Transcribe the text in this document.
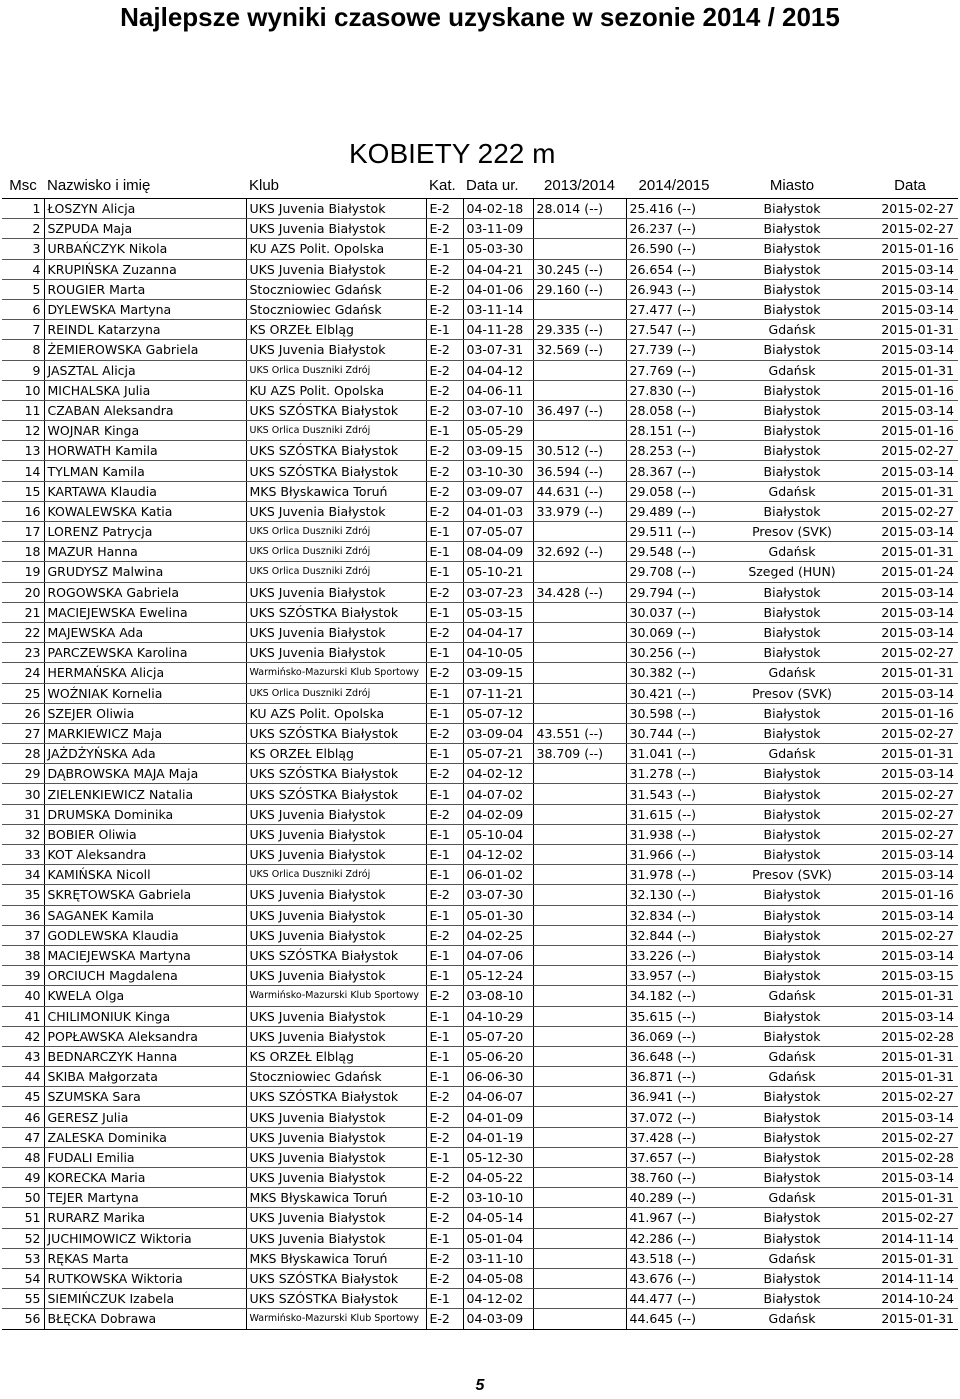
Najlepsze wyniki czasowe uzyskane w sezonie 2014 / 2015
KOBIETY 222 m
Msc	Nazwisko i imię	Klub	Kat.	Data ur.	2013/2014	2014/2015	Miasto	Data
1	ŁOSZYN Alicja	UKS Juvenia Białystok	E-2	04-02-18	28.014 (--)	25.416 (--)	Białystok	2015-02-27
2	SZPUDA Maja	UKS Juvenia Białystok	E-2	03-11-09		26.237 (--)	Białystok	2015-02-27
3	URBAŃCZYK Nikola	KU AZS Polit. Opolska	E-1	05-03-30		26.590 (--)	Białystok	2015-01-16
4	KRUPIŃSKA Zuzanna	UKS Juvenia Białystok	E-2	04-04-21	30.245 (--)	26.654 (--)	Białystok	2015-03-14
5	ROUGIER Marta	Stoczniowiec Gdańsk	E-2	04-01-06	29.160 (--)	26.943 (--)	Białystok	2015-03-14
6	DYLEWSKA Martyna	Stoczniowiec Gdańsk	E-2	03-11-14		27.477 (--)	Białystok	2015-03-14
7	REINDL Katarzyna	KS ORZEŁ Elbląg	E-1	04-11-28	29.335 (--)	27.547 (--)	Gdańsk	2015-01-31
8	ŻEMIEROWSKA Gabriela	UKS Juvenia Białystok	E-2	03-07-31	32.569 (--)	27.739 (--)	Białystok	2015-03-14
9	JASZTAL Alicja	UKS Orlica Duszniki Zdrój	E-2	04-04-12		27.769 (--)	Gdańsk	2015-01-31
10	MICHALSKA Julia	KU AZS Polit. Opolska	E-2	04-06-11		27.830 (--)	Białystok	2015-01-16
11	CZABAN Aleksandra	UKS SZÓSTKA Białystok	E-2	03-07-10	36.497 (--)	28.058 (--)	Białystok	2015-03-14
12	WOJNAR Kinga	UKS Orlica Duszniki Zdrój	E-1	05-05-29		28.151 (--)	Białystok	2015-01-16
13	HORWATH Kamila	UKS SZÓSTKA Białystok	E-2	03-09-15	30.512 (--)	28.253 (--)	Białystok	2015-02-27
14	TYLMAN Kamila	UKS SZÓSTKA Białystok	E-2	03-10-30	36.594 (--)	28.367 (--)	Białystok	2015-03-14
15	KARTAWA Klaudia	MKS Błyskawica Toruń	E-2	03-09-07	44.631 (--)	29.058 (--)	Gdańsk	2015-01-31
16	KOWALEWSKA Katia	UKS Juvenia Białystok	E-2	04-01-03	33.979 (--)	29.489 (--)	Białystok	2015-02-27
17	LORENZ Patrycja	UKS Orlica Duszniki Zdrój	E-1	07-05-07		29.511 (--)	Presov (SVK)	2015-03-14
18	MAZUR Hanna	UKS Orlica Duszniki Zdrój	E-1	08-04-09	32.692 (--)	29.548 (--)	Gdańsk	2015-01-31
19	GRUDYSZ Malwina	UKS Orlica Duszniki Zdrój	E-1	05-10-21		29.708 (--)	Szeged (HUN)	2015-01-24
20	ROGOWSKA Gabriela	UKS Juvenia Białystok	E-2	03-07-23	34.428 (--)	29.794 (--)	Białystok	2015-03-14
21	MACIEJEWSKA Ewelina	UKS SZÓSTKA Białystok	E-1	05-03-15		30.037 (--)	Białystok	2015-03-14
22	MAJEWSKA Ada	UKS Juvenia Białystok	E-2	04-04-17		30.069 (--)	Białystok	2015-03-14
23	PARCZEWSKA Karolina	UKS Juvenia Białystok	E-1	04-10-05		30.256 (--)	Białystok	2015-02-27
24	HERMAŃSKA Alicja	Warmińsko-Mazurski Klub Sportowy	E-2	03-09-15		30.382 (--)	Gdańsk	2015-01-31
25	WOŹNIAK Kornelia	UKS Orlica Duszniki Zdrój	E-1	07-11-21		30.421 (--)	Presov (SVK)	2015-03-14
26	SZEJER Oliwia	KU AZS Polit. Opolska	E-1	05-07-12		30.598 (--)	Białystok	2015-01-16
27	MARKIEWICZ Maja	UKS SZÓSTKA Białystok	E-2	03-09-04	43.551 (--)	30.744 (--)	Białystok	2015-02-27
28	JAŻDŻYŃSKA Ada	KS ORZEŁ Elbląg	E-1	05-07-21	38.709 (--)	31.041 (--)	Gdańsk	2015-01-31
29	DĄBROWSKA MAJA Maja	UKS SZÓSTKA Białystok	E-2	04-02-12		31.278 (--)	Białystok	2015-03-14
30	ZIELENKIEWICZ Natalia	UKS SZÓSTKA Białystok	E-1	04-07-02		31.543 (--)	Białystok	2015-02-27
31	DRUMSKA Dominika	UKS Juvenia Białystok	E-2	04-02-09		31.615 (--)	Białystok	2015-02-27
32	BOBIER Oliwia	UKS Juvenia Białystok	E-1	05-10-04		31.938 (--)	Białystok	2015-02-27
33	KOT Aleksandra	UKS Juvenia Białystok	E-1	04-12-02		31.966 (--)	Białystok	2015-03-14
34	KAMIŃSKA Nicoll	UKS Orlica Duszniki Zdrój	E-1	06-01-02		31.978 (--)	Presov (SVK)	2015-03-14
35	SKRĘTOWSKA Gabriela	UKS Juvenia Białystok	E-2	03-07-30		32.130 (--)	Białystok	2015-01-16
36	SAGANEK Kamila	UKS Juvenia Białystok	E-1	05-01-30		32.834 (--)	Białystok	2015-03-14
37	GODLEWSKA Klaudia	UKS Juvenia Białystok	E-2	04-02-25		32.844 (--)	Białystok	2015-02-27
38	MACIEJEWSKA Martyna	UKS SZÓSTKA Białystok	E-1	04-07-06		33.226 (--)	Białystok	2015-03-14
39	ORCIUCH Magdalena	UKS Juvenia Białystok	E-1	05-12-24		33.957 (--)	Białystok	2015-03-15
40	KWELA Olga	Warmińsko-Mazurski Klub Sportowy	E-2	03-08-10		34.182 (--)	Gdańsk	2015-01-31
41	CHILIMONIUK Kinga	UKS Juvenia Białystok	E-1	04-10-29		35.615 (--)	Białystok	2015-03-14
42	POPŁAWSKA Aleksandra	UKS Juvenia Białystok	E-1	05-07-20		36.069 (--)	Białystok	2015-02-28
43	BEDNARCZYK Hanna	KS ORZEŁ Elbląg	E-1	05-06-20		36.648 (--)	Gdańsk	2015-01-31
44	SKIBA Małgorzata	Stoczniowiec Gdańsk	E-1	06-06-30		36.871 (--)	Gdańsk	2015-01-31
45	SZUMSKA Sara	UKS SZÓSTKA Białystok	E-2	04-06-07		36.941 (--)	Białystok	2015-02-27
46	GERESZ Julia	UKS Juvenia Białystok	E-2	04-01-09		37.072 (--)	Białystok	2015-03-14
47	ZALESKA Dominika	UKS Juvenia Białystok	E-2	04-01-19		37.428 (--)	Białystok	2015-02-27
48	FUDALI Emilia	UKS Juvenia Białystok	E-1	05-12-30		37.657 (--)	Białystok	2015-02-28
49	KORECKA Maria	UKS Juvenia Białystok	E-2	04-05-22		38.760 (--)	Białystok	2015-03-14
50	TEJER Martyna	MKS Błyskawica Toruń	E-2	03-10-10		40.289 (--)	Gdańsk	2015-01-31
51	RURARZ Marika	UKS Juvenia Białystok	E-2	04-05-14		41.967 (--)	Białystok	2015-02-27
52	JUCHIMOWICZ Wiktoria	UKS Juvenia Białystok	E-1	05-01-04		42.286 (--)	Białystok	2014-11-14
53	RĘKAS Marta	MKS Błyskawica Toruń	E-2	03-11-10		43.518 (--)	Gdańsk	2015-01-31
54	RUTKOWSKA Wiktoria	UKS SZÓSTKA Białystok	E-2	04-05-08		43.676 (--)	Białystok	2014-11-14
55	SIEMIŃCZUK Izabela	UKS SZÓSTKA Białystok	E-1	04-12-02		44.477 (--)	Białystok	2014-10-24
56	BŁĘCKA Dobrawa	Warmińsko-Mazurski Klub Sportowy	E-2	04-03-09		44.645 (--)	Gdańsk	2015-01-31
5
